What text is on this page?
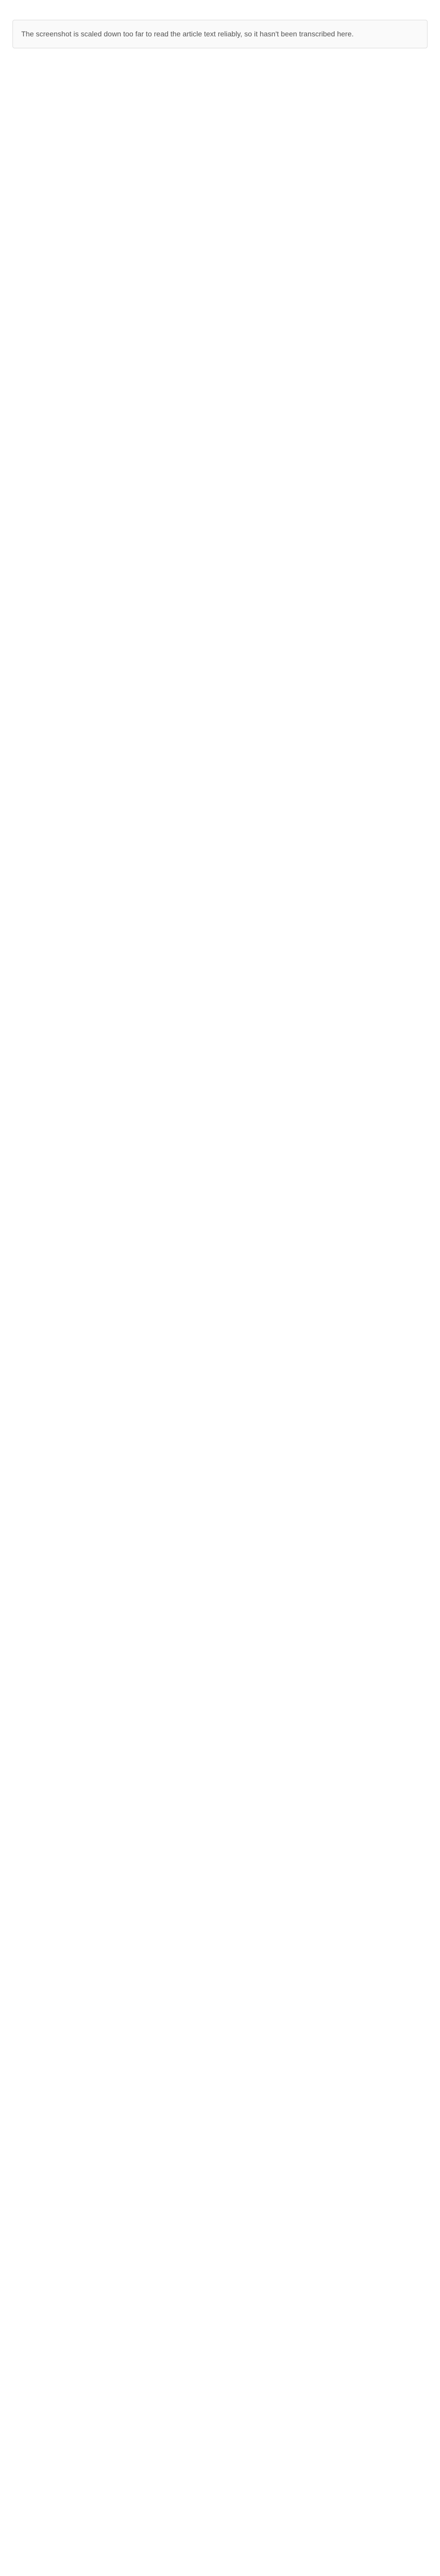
The screenshot is scaled down too far to read the article text reliably, so it hasn't been transcribed here.
